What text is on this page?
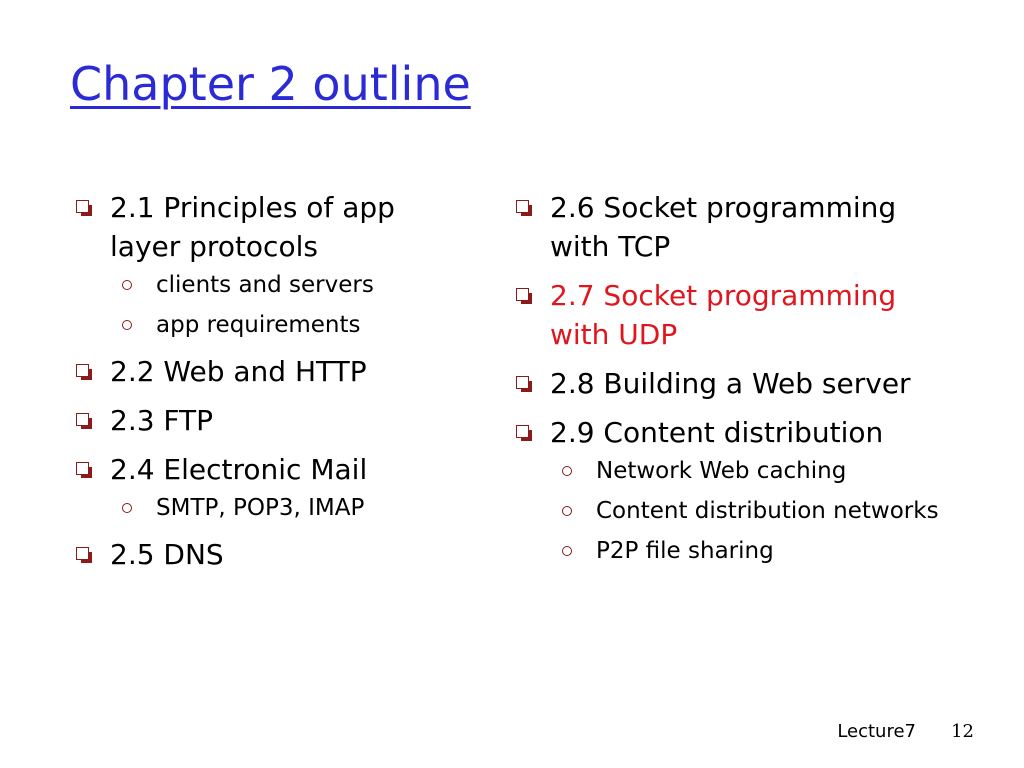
Chapter 2 outline
2.1 Principles of app layer protocols
clients and servers
app requirements
2.2 Web and HTTP
2.3 FTP
2.4 Electronic Mail
SMTP, POP3, IMAP
2.5 DNS
2.6 Socket programming with TCP
2.7 Socket programming with UDP
2.8 Building a Web server
2.9 Content distribution
Network Web caching
Content distribution networks
P2P file sharing
Lecture7 12
